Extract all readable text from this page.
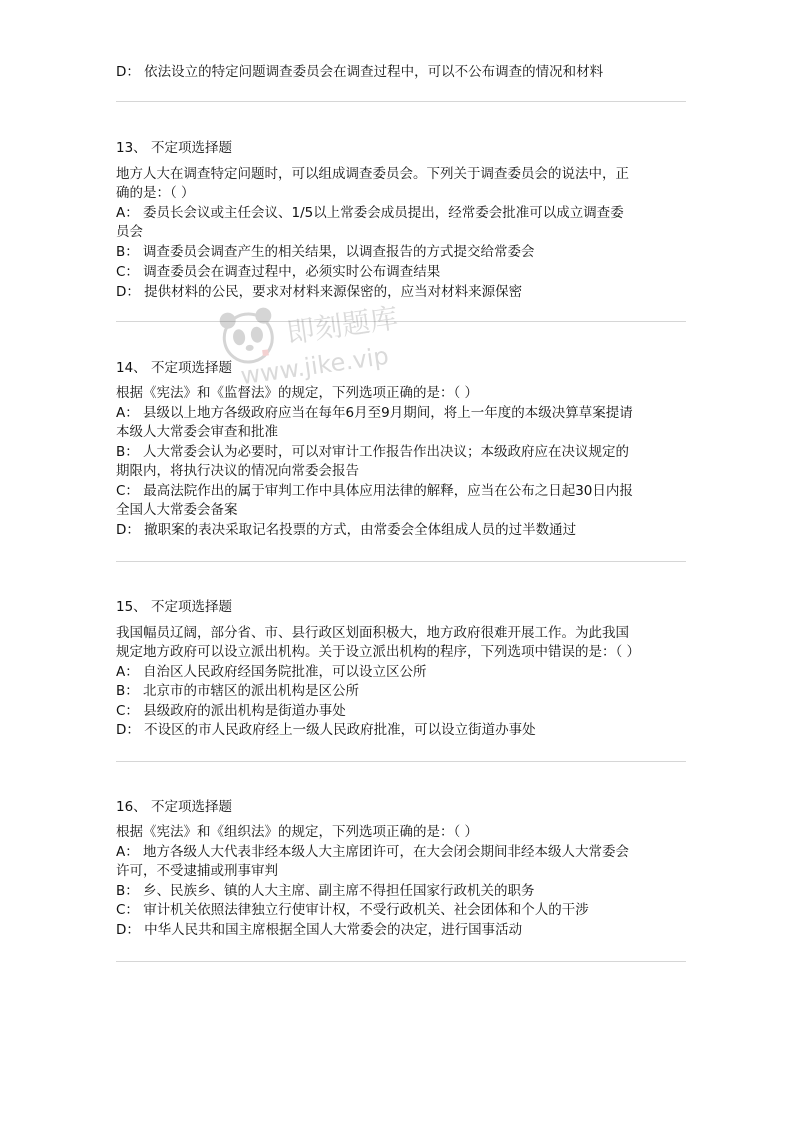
D： 依法设立的特定问题调查委员会在调查过程中，可以不公布调查的情况和材料
13、 不定项选择题
地方人大在调查特定问题时，可以组成调查委员会。下列关于调查委员会的说法中，正
确的是：（ ）
A： 委员长会议或主任会议、1/5以上常委会成员提出，经常委会批准可以成立调查委
员会
B： 调查委员会调查产生的相关结果，以调查报告的方式提交给常委会
C： 调查委员会在调查过程中，必须实时公布调查结果
D： 提供材料的公民，要求对材料来源保密的，应当对材料来源保密
14、 不定项选择题
根据《宪法》和《监督法》的规定，下列选项正确的是：（ ）
A： 县级以上地方各级政府应当在每年6月至9月期间，将上一年度的本级决算草案提请
本级人大常委会审查和批准
B： 人大常委会认为必要时，可以对审计工作报告作出决议；本级政府应在决议规定的
期限内，将执行决议的情况向常委会报告
C： 最高法院作出的属于审判工作中具体应用法律的解释，应当在公布之日起30日内报
全国人大常委会备案
D： 撤职案的表决采取记名投票的方式，由常委会全体组成人员的过半数通过
15、 不定项选择题
我国幅员辽阔，部分省、市、县行政区划面积极大，地方政府很难开展工作。为此我国
规定地方政府可以设立派出机构。关于设立派出机构的程序，下列选项中错误的是：（ ）
A： 自治区人民政府经国务院批准，可以设立区公所
B： 北京市的市辖区的派出机构是区公所
C： 县级政府的派出机构是街道办事处
D： 不设区的市人民政府经上一级人民政府批准，可以设立街道办事处
16、 不定项选择题
根据《宪法》和《组织法》的规定，下列选项正确的是：（ ）
A： 地方各级人大代表非经本级人大主席团许可，在大会闭会期间非经本级人大常委会
许可，不受逮捕或刑事审判
B： 乡、民族乡、镇的人大主席、副主席不得担任国家行政机关的职务
C： 审计机关依照法律独立行使审计权，不受行政机关、社会团体和个人的干涉
D： 中华人民共和国主席根据全国人大常委会的决定，进行国事活动
即刻题库
www.jike.vip
